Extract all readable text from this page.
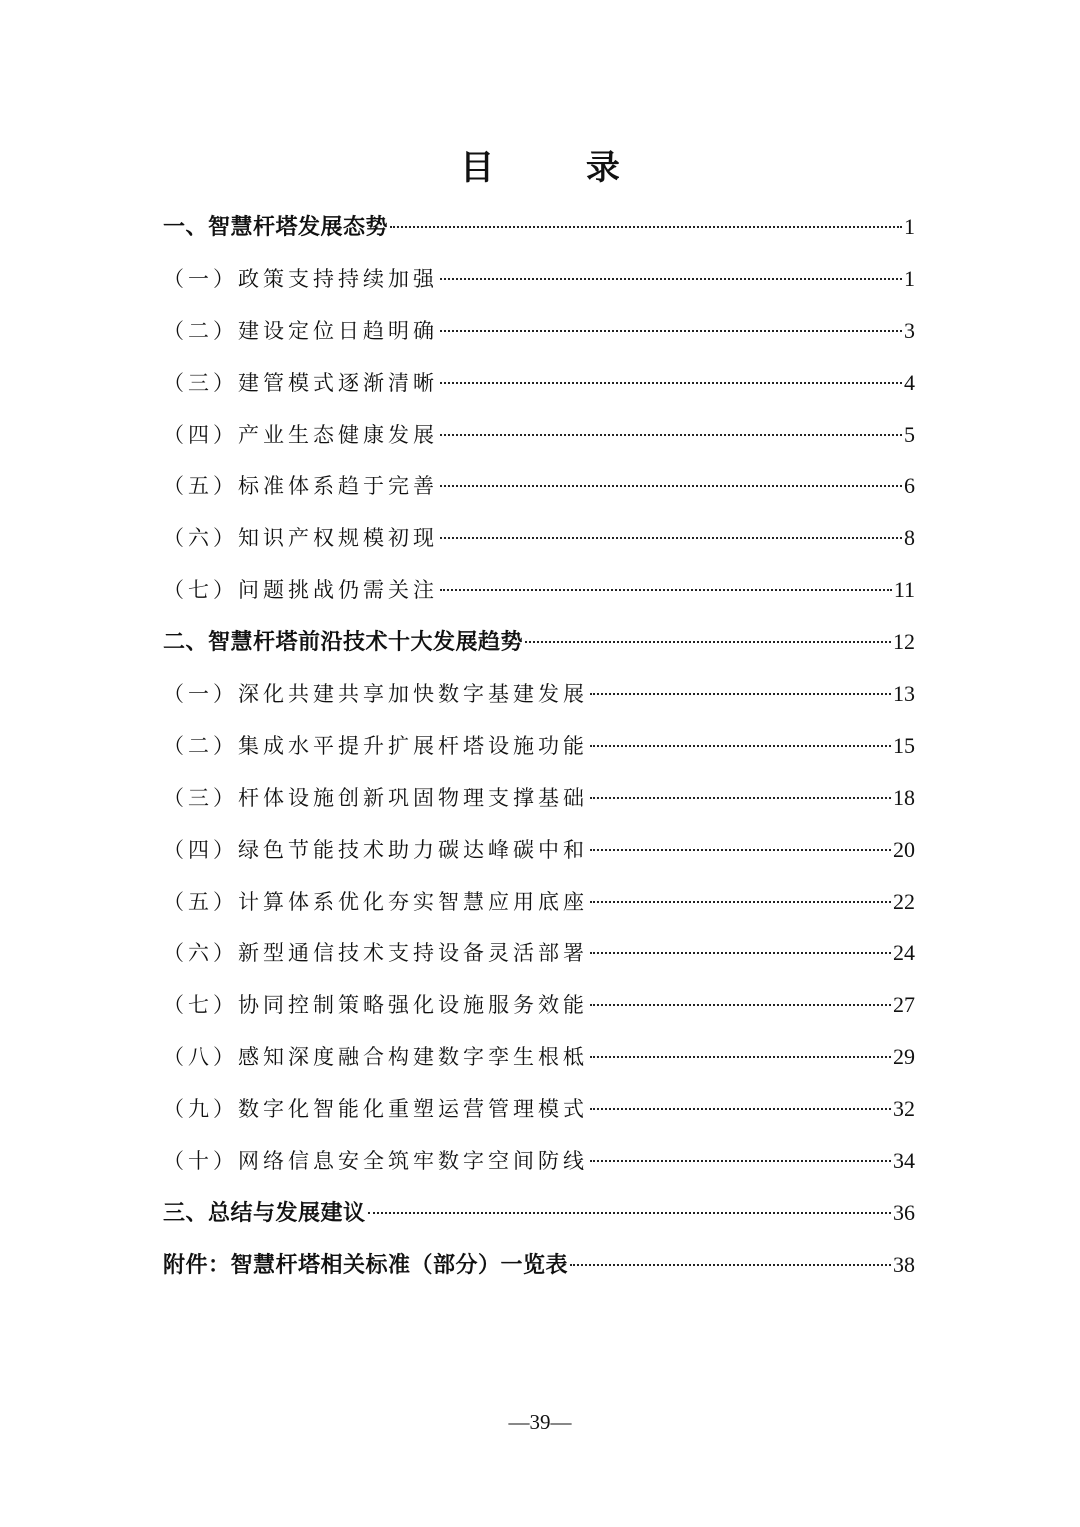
目 录
一、智慧杆塔发展态势	1
（一）政策支持持续加强	1
（二）建设定位日趋明确	3
（三）建管模式逐渐清晰	4
（四）产业生态健康发展	5
（五）标准体系趋于完善	6
（六）知识产权规模初现	8
（七）问题挑战仍需关注	11
二、智慧杆塔前沿技术十大发展趋势	12
（一）深化共建共享加快数字基建发展	13
（二）集成水平提升扩展杆塔设施功能	15
（三）杆体设施创新巩固物理支撑基础	18
（四）绿色节能技术助力碳达峰碳中和	20
（五）计算体系优化夯实智慧应用底座	22
（六）新型通信技术支持设备灵活部署	24
（七）协同控制策略强化设施服务效能	27
（八）感知深度融合构建数字孪生根柢	29
（九）数字化智能化重塑运营管理模式	32
（十）网络信息安全筑牢数字空间防线	34
三、总结与发展建议	36
附件：智慧杆塔相关标准（部分）一览表	38
—39—
